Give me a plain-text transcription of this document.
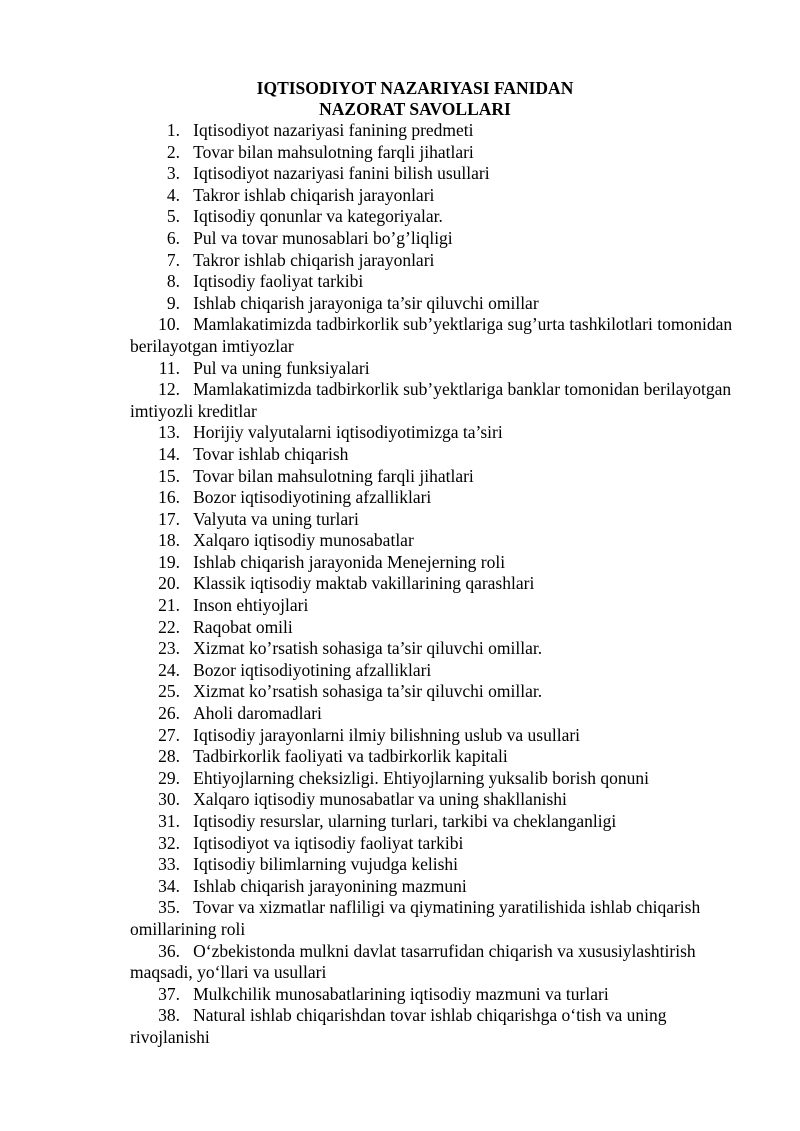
IQTISODIYOT NAZARIYASI FANIDAN
NAZORAT SAVOLLARI
1. Iqtisodiyot nazariyasi fanining predmeti
2. Tovar bilan mahsulotning farqli jihatlari
3. Iqtisodiyot nazariyasi fanini bilish usullari
4. Takror ishlab chiqarish jarayonlari
5. Iqtisodiy qonunlar va kategoriyalar.
6. Pul va tovar munosablari bo’g’liqligi
7. Takror ishlab chiqarish jarayonlari
8. Iqtisodiy faoliyat tarkibi
9. Ishlab chiqarish jarayoniga ta’sir qiluvchi omillar
10. Mamlakatimizda tadbirkorlik sub’yektlariga sug’urta tashkilotlari tomonidan berilayotgan imtiyozlar
11. Pul va uning funksiyalari
12. Mamlakatimizda tadbirkorlik sub’yektlariga banklar tomonidan berilayotgan imtiyozli kreditlar
13. Horijiy valyutalarni iqtisodiyotimizga ta’siri
14. Tovar ishlab chiqarish
15. Tovar bilan mahsulotning farqli jihatlari
16. Bozor iqtisodiyotining afzalliklari
17. Valyuta va uning turlari
18. Xalqaro iqtisodiy munosabatlar
19. Ishlab chiqarish jarayonida Menejerning roli
20. Klassik iqtisodiy maktab vakillarining qarashlari
21. Inson ehtiyojlari
22. Raqobat omili
23. Xizmat ko’rsatish sohasiga ta’sir qiluvchi omillar.
24. Bozor iqtisodiyotining afzalliklari
25. Xizmat ko’rsatish sohasiga ta’sir qiluvchi omillar.
26. Aholi daromadlari
27. Iqtisodiy jarayonlarni ilmiy bilishning uslub va usullari
28. Tadbirkorlik faoliyati va tadbirkorlik kapitali
29. Ehtiyojlarning cheksizligi. Ehtiyojlarning yuksalib borish qonuni
30. Xalqaro iqtisodiy munosabatlar va uning shakllanishi
31. Iqtisodiy resurslar, ularning turlari, tarkibi va cheklanganligi
32. Iqtisodiyot va iqtisodiy faoliyat tarkibi
33. Iqtisodiy bilimlarning vujudga kelishi
34. Ishlab chiqarish jarayonining mazmuni
35. Tovar va xizmatlar nafliligi va qiymatining yaratilishida ishlab chiqarish omillarining roli
36. O‘zbekistonda mulkni davlat tasarrufidan chiqarish va xususiylashtirish maqsadi, yo‘llari va usullari
37. Mulkchilik munosabatlarining iqtisodiy mazmuni va turlari
38. Natural ishlab chiqarishdan tovar ishlab chiqarishga o‘tish va uning rivojlanishi
